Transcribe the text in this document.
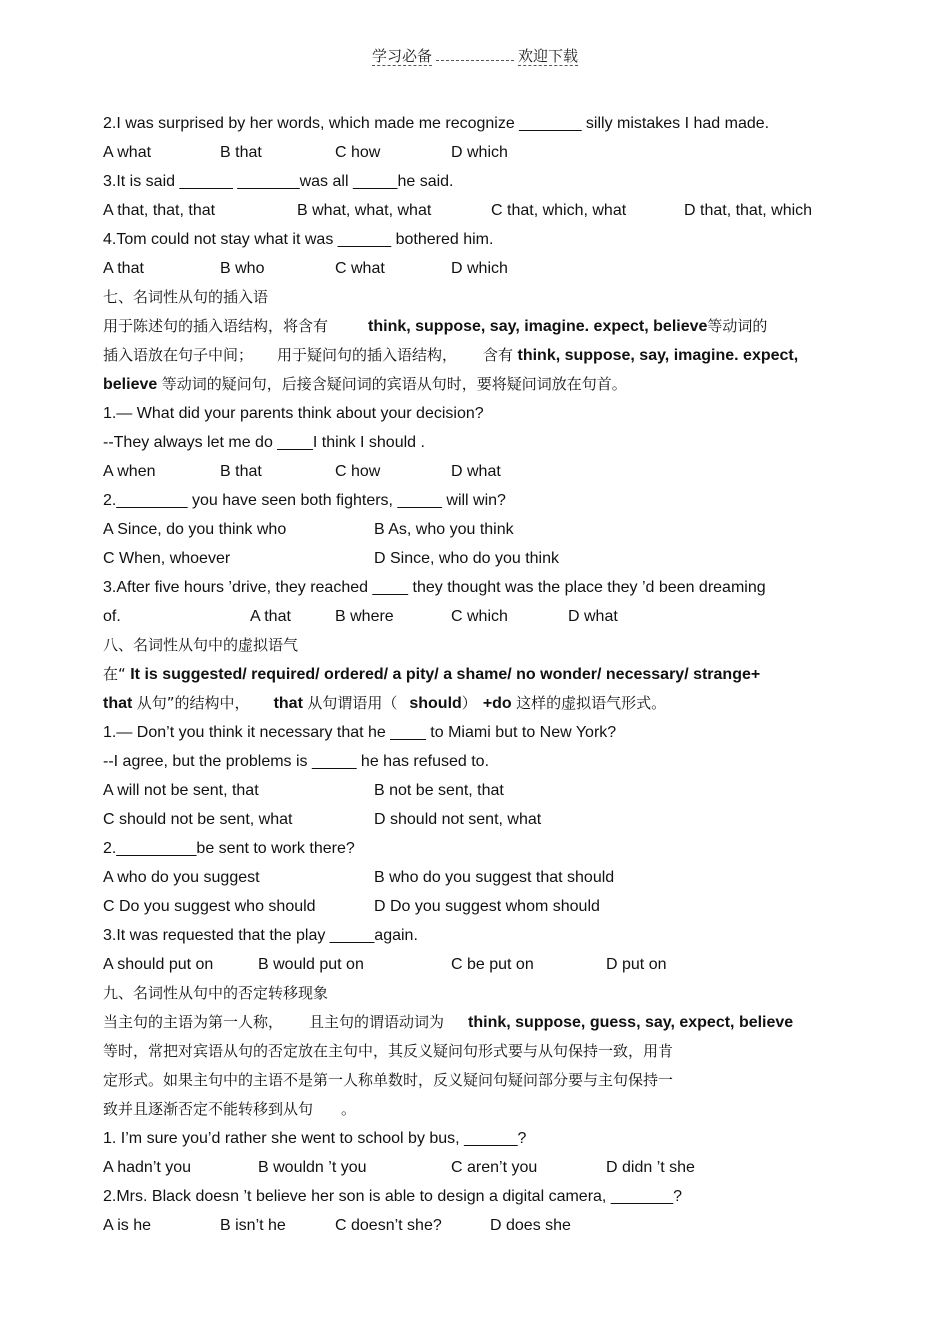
学习必备	欢迎下载
2.I was surprised by her words, which made me recognize _______ silly mistakes I had made.
A what	B that	C how	D which
3.It is said ______ _______was all _____he said.
A that, that, that	B what, what, what	C that, which, what	D that, that, which
4.Tom could not stay what it was ______ bothered him.
A that	B who	C what	D which
七、名词性从句的插入语
用于陈述句的插入语结构，将含有	think, suppose, say, imagine. expect, believe等动词的
插入语放在句子中间； 用于疑问句的插入语结构， 含有 think, suppose, say, imagine. expect,
believe 等动词的疑问句，后接含疑问词的宾语从句时，要将疑问词放在句首。
1.— What did your parents think about your decision?
--They always let me do ____I think I should .
A when	B that	C how	D what
2.________ you have seen both fighters, _____ will win?
A Since, do you think who	B As, who you think
C When, whoever	D Since, who do you think
3.After five hours ’drive, they reached ____ they thought was the place they ’d been dreaming
of.	A that	B where	C which	D what
八、名词性从句中的虚拟语气
在“ It is suggested/ required/ ordered/ a pity/ a shame/ no wonder/ necessary/ strange+
that 从句”的结构中， that 从句谓语用（ should） +do 这样的虚拟语气形式。
1.— Don’t you think it necessary that he ____ to Miami but to New York?
--I agree, but the problems is _____ he has refused to.
A will not be sent, that	B not be sent, that
C should not be sent, what	D should not sent, what
2._________be sent to work there?
A who do you suggest	B who do you suggest that should
C Do you suggest who should	D Do you suggest whom should
3.It was requested that the play _____again.
A should put on	B would put on	C be put on	D put on
九、名词性从句中的否定转移现象
当主句的主语为第一人称， 且主句的谓语动词为 think, suppose, guess, say, expect, believe
等时，常把对宾语从句的否定放在主句中，其反义疑问句形式要与从句保持一致，用肯
定形式。如果主句中的主语不是第一人称单数时，反义疑问句疑问部分要与主句保持一
致并且逐渐否定不能转移到从句 。
1. I’m sure you’d rather she went to school by bus, ______?
A hadn’t you	B wouldn ’t you	C aren’t you	D didn ’t she
2.Mrs. Black doesn ’t believe her son is able to design a digital camera, _______?
A is he	B isn’t he	C doesn’t she?	D does she
